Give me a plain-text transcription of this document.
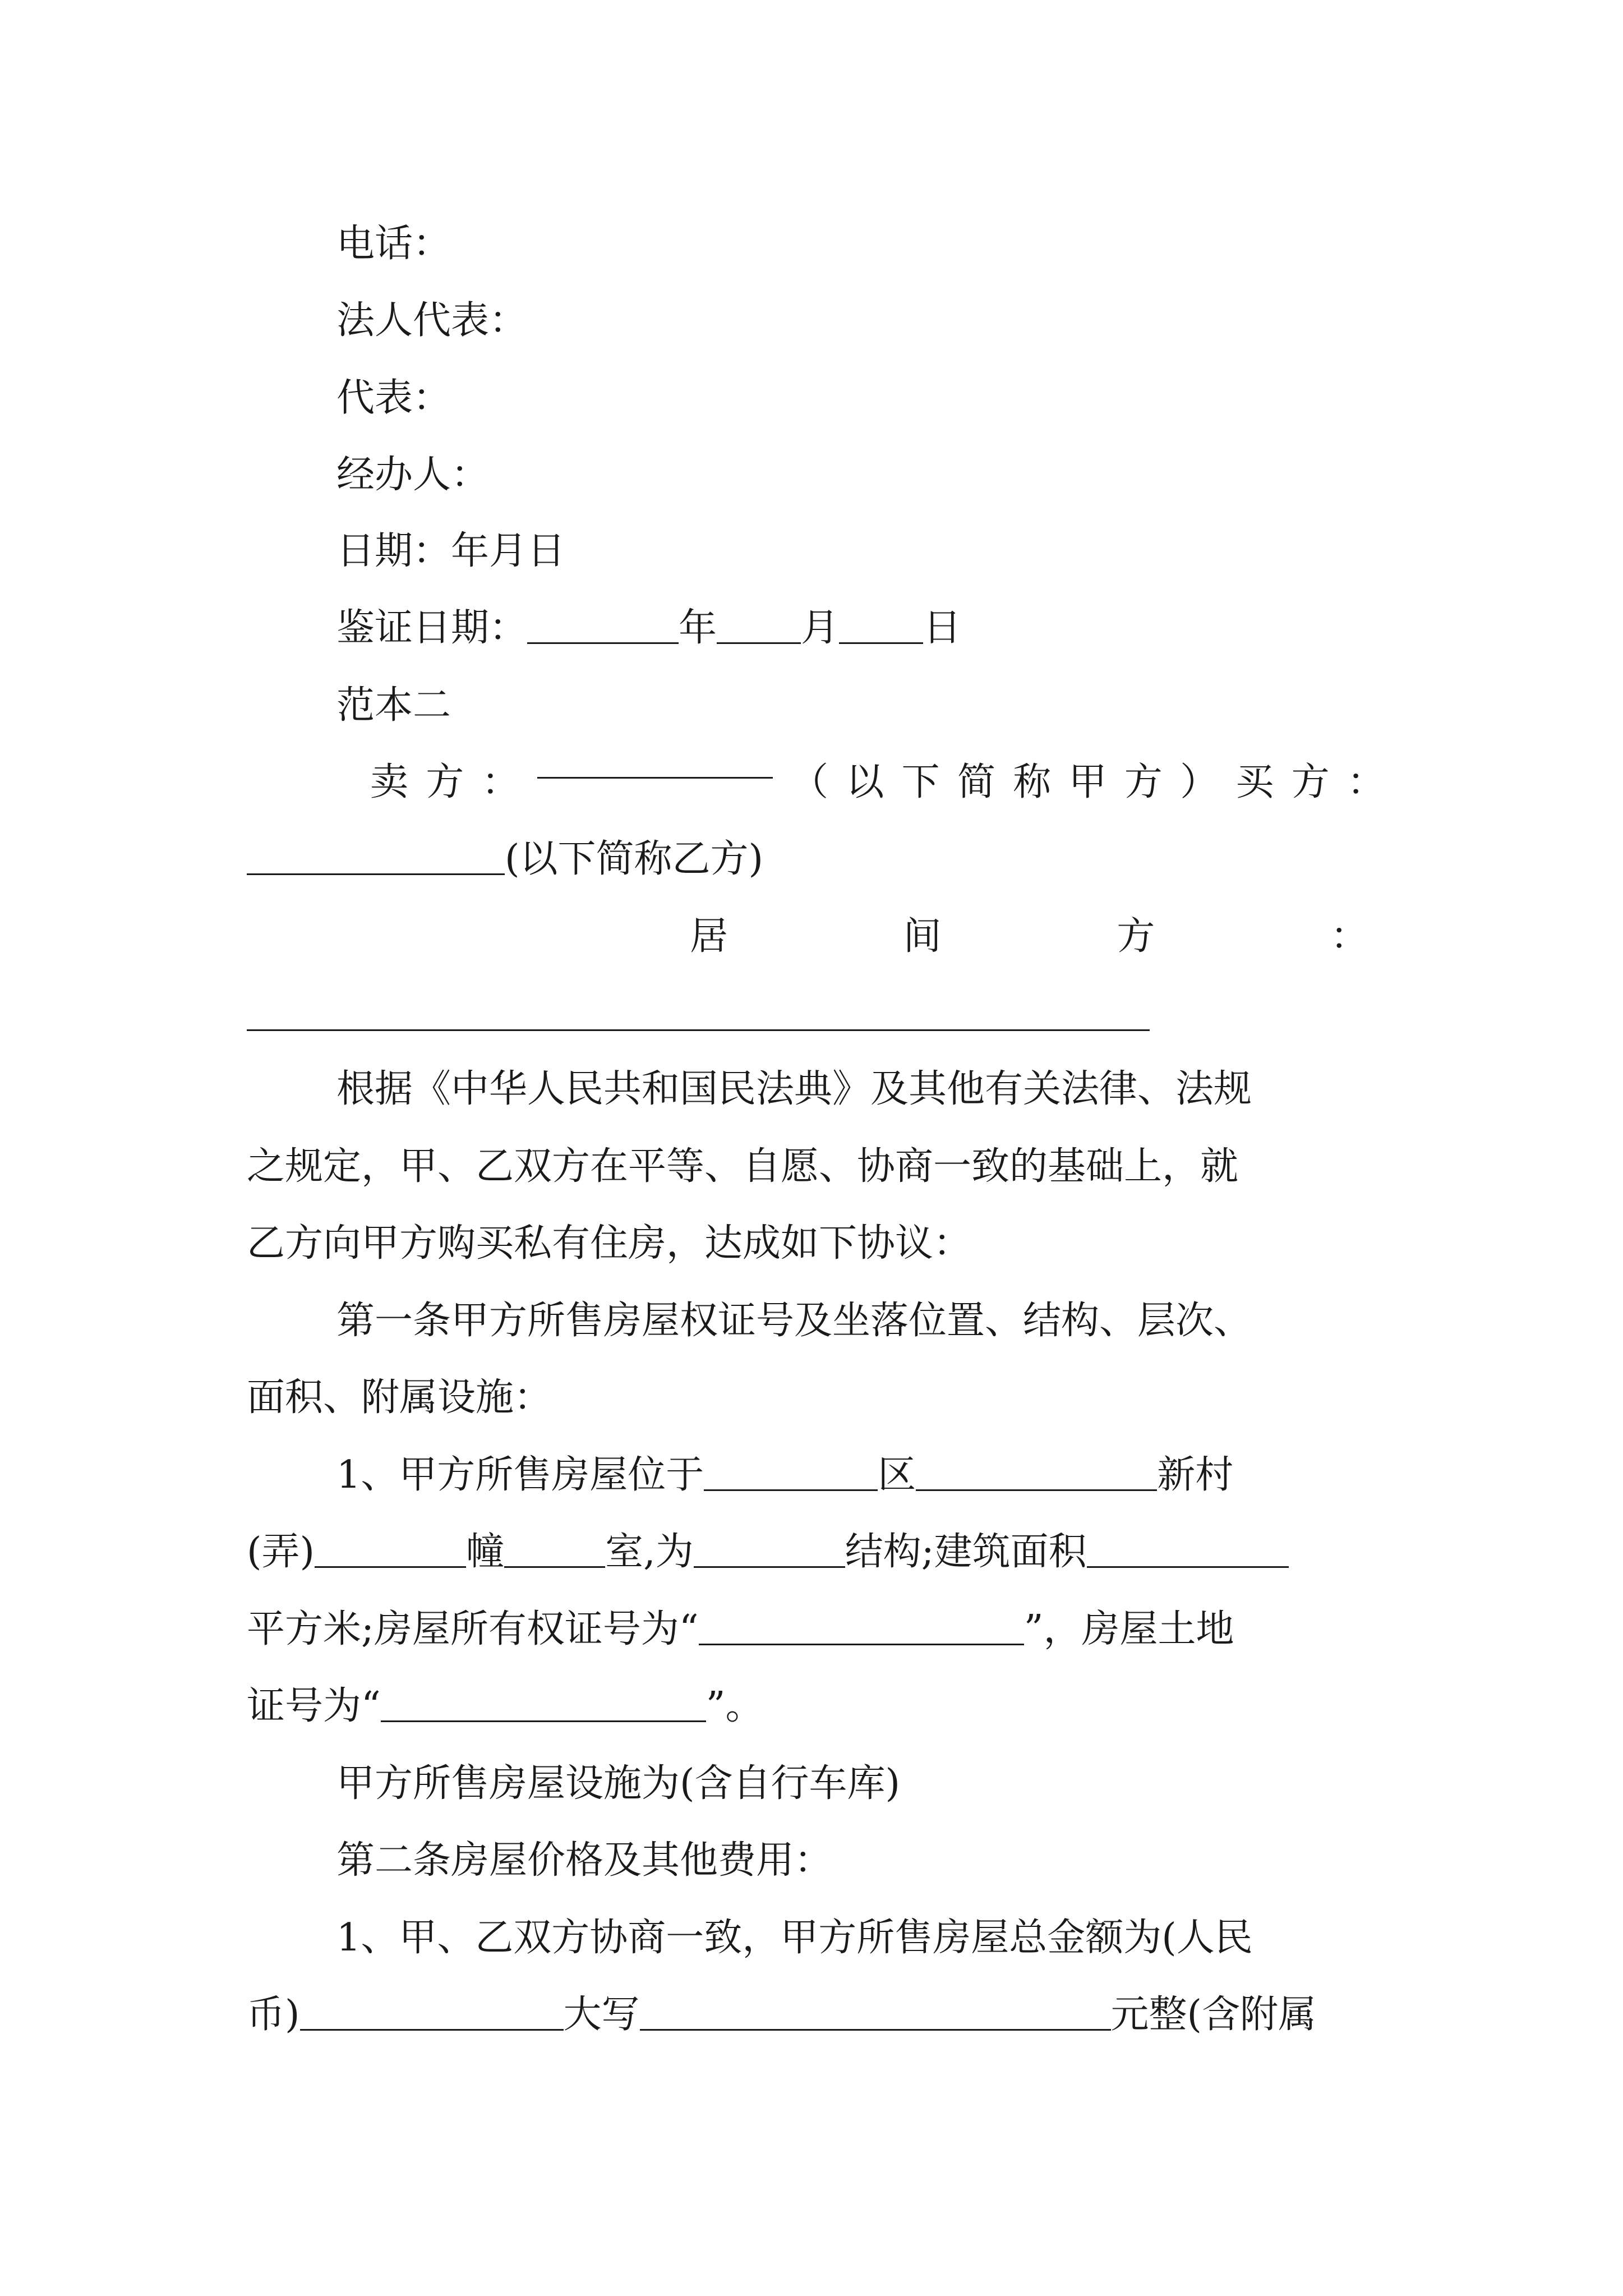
电话：
法人代表：
代表：
经办人：
日期：年月日
鉴证日期：	年 月 日
范本二
卖 方 ：	（ 以 下 简 称 甲 方 ） 买 方 ：
(以下简称乙方)
居	间	方	：
根据《中华人民共和国民法典》及其他有关法律、法规
之规定，甲、乙双方在平等、自愿、协商一致的基础上，就
乙方向甲方购买私有住房，达成如下协议：
第一条甲方所售房屋权证号及坐落位置、结构、层次、
面积、附属设施：
1、甲方所售房屋位于	区	新村
(弄)	幢	室,为	结构;建筑面积
平方米;房屋所有权证号为“	”，房屋土地
证号为“	”。
甲方所售房屋设施为(含自行车库)
第二条房屋价格及其他费用：
1、甲、乙双方协商一致，甲方所售房屋总金额为(人民
币)	大写	元整(含附属
